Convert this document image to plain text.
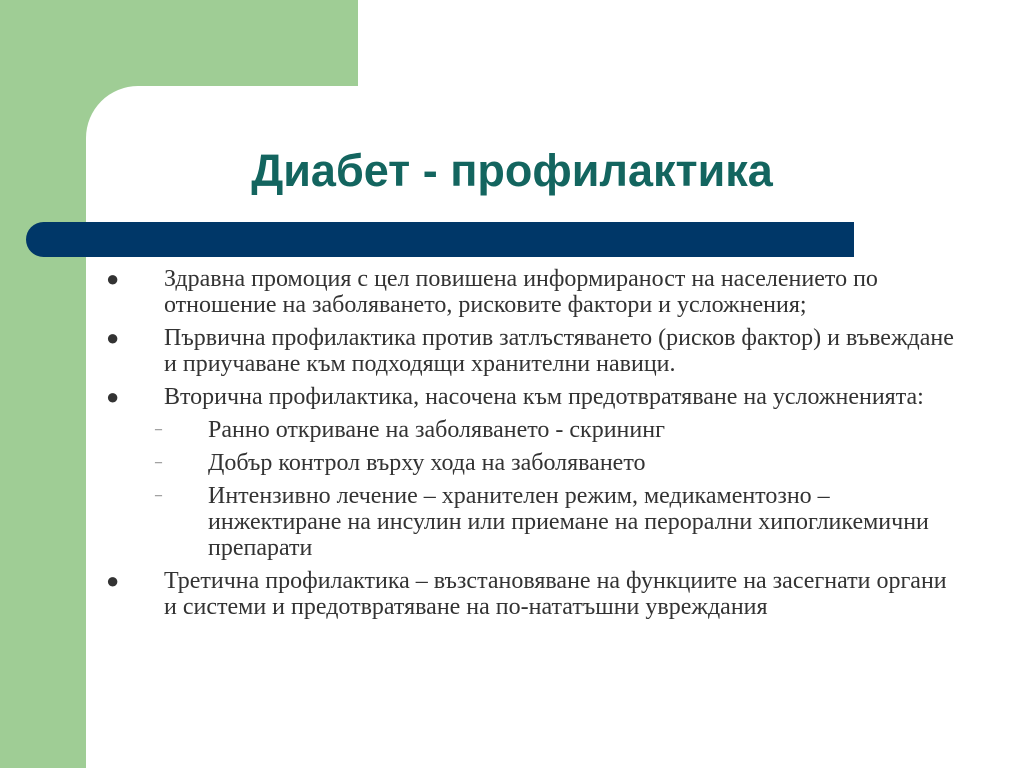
Диабет - профилактика
● Здравна промоция с цел повишена информираност на населението по отношение на заболяването, рисковите фактори и усложнения;
● Първична профилактика против затлъстяването (рисков фактор) и въвеждане и приучаване към подходящи хранителни навици.
● Вторична профилактика, насочена към предотвратяване на усложненията:
– Ранно откриване на заболяването - скрининг
– Добър контрол върху хода на заболяването
– Интензивно лечение – хранителен режим, медикаментозно – инжектиране на инсулин или приемане на перорални хипогликемични препарати
● Третична профилактика – възстановяване на функциите на засегнати органи и системи и предотвратяване на по-нататъшни увреждания
